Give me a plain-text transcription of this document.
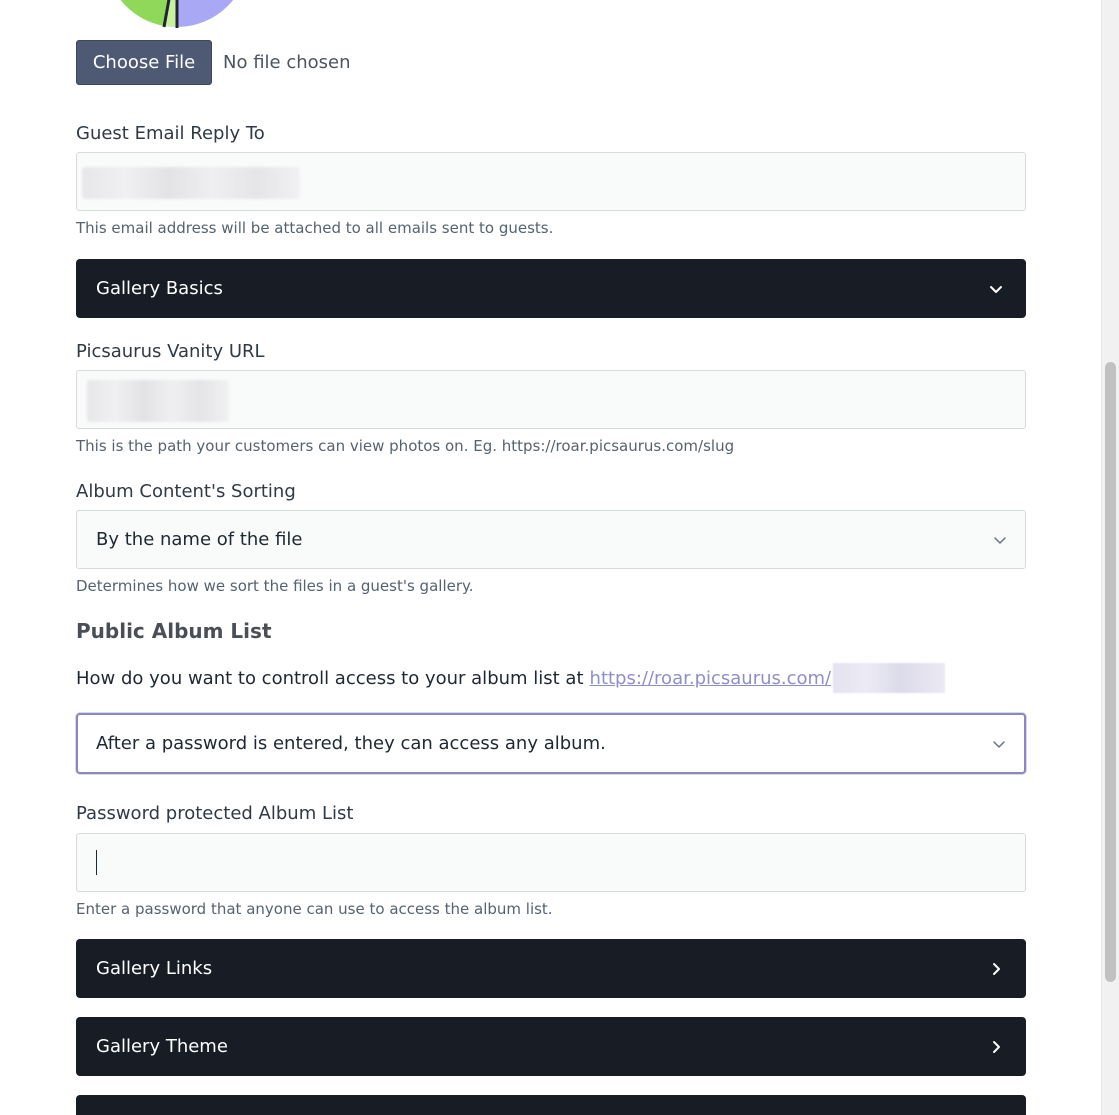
Choose File	No file chosen
Guest Email Reply To
This email address will be attached to all emails sent to guests.
Gallery Basics
Picsaurus Vanity URL
This is the path your customers can view photos on. Eg. https://roar.picsaurus.com/slug
Album Content's Sorting
By the name of the file
Determines how we sort the files in a guest's gallery.
Public Album List
How do you want to controll access to your album list at https://roar.picsaurus.com/
After a password is entered, they can access any album.
Password protected Album List
Enter a password that anyone can use to access the album list.
Gallery Links
Gallery Theme
